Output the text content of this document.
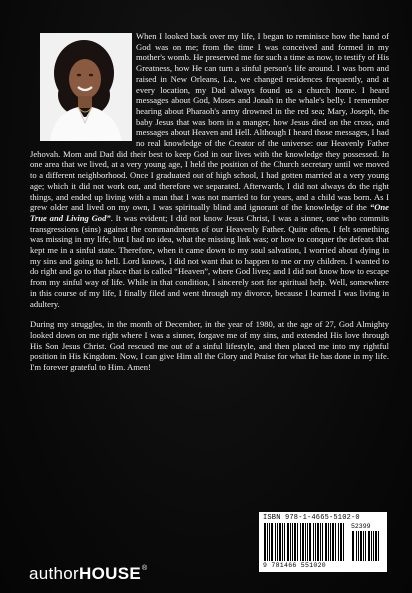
When I looked back over my life, I began to reminisce how the hand of God was on me; from the time I was conceived and formed in my mother's womb. He preserved me for such a time as now, to testify of His Greatness, how He can turn a sinful person's life around. I was born and raised in New Orleans, La., we changed residences frequently, and at every location, my Dad always found us a church home. I heard messages about God, Moses and Jonah in the whale's belly. I remember hearing about Pharaoh's army drowned in the red sea; Mary, Joseph, the baby Jesus that was born in a manger, how Jesus died on the cross, and messages about Heaven and Hell. Although I heard those messages, I had no real knowledge of the Creator of the universe: our Heavenly Father Jehovah. Mom and Dad did their best to keep God in our lives with the knowledge they possessed. In one area that we lived, at a very young age, I held the position of the Church secretary until we moved to a different neighborhood. Once I graduated out of high school, I had gotten married at a very young age; which it did not work out, and therefore we separated. Afterwards, I did not always do the right things, and ended up living with a man that I was not married to for years, and a child was born. As I grew older and lived on my own, I was spiritually blind and ignorant of the knowledge of the “One True and Living God”. It was evident; I did not know Jesus Christ, I was a sinner, one who commits transgressions (sins) against the commandments of our Heavenly Father. Quite often, I felt something was missing in my life, but I had no idea, what the missing link was; or how to conquer the defeats that kept me in a sinful state. Therefore, when it came down to my soul salvation, I worried about dying in my sins and going to hell. Lord knows, I did not want that to happen to me or my children. I wanted to do right and go to that place that is called “Heaven”, where God lives; and I did not know how to escape from my sinful way of life. While in that condition, I sincerely sort for spiritual help. Well, somewhere in this course of my life, I finally filed and went through my divorce, because I learned I was living in adultery.

During my struggles, in the month of December, in the year of 1980, at the age of 27, God Almighty looked down on me right where I was a sinner, forgave me of my sins, and extended His love through His Son Jesus Christ. God rescued me out of a sinful lifestyle, and then placed me into my rightful position in His Kingdom. Now, I can give Him all the Glory and Praise for what He has done in my life. I'm forever grateful to Him. Amen!

authorHOUSE®
ISBN 978-1-4665-5102-0
52399
9 781466 551020
